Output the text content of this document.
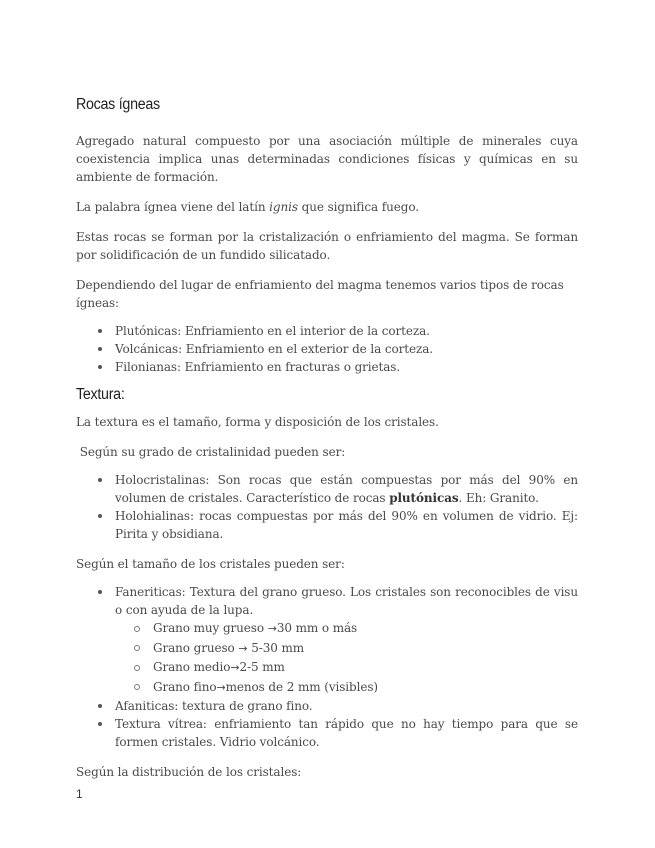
Rocas ígneas

Agregado natural compuesto por una asociación múltiple de minerales cuya coexistencia implica unas determinadas condiciones físicas y químicas en su ambiente de formación.

La palabra ígnea viene del latín ignis que significa fuego.

Estas rocas se forman por la cristalización o enfriamiento del magma. Se forman por solidificación de un fundido silicatado.

Dependiendo del lugar de enfriamiento del magma tenemos varios tipos de rocas ígneas:

Plutónicas: Enfriamiento en el interior de la corteza.
Volcánicas: Enfriamiento en el exterior de la corteza.
Filonianas: Enfriamiento en fracturas o grietas.
Textura:

La textura es el tamaño, forma y disposición de los cristales.

Según su grado de cristalinidad pueden ser:

Holocristalinas: Son rocas que están compuestas por más del 90% en volumen de cristales. Característico de rocas plutónicas. Eh: Granito.
Holohialinas: rocas compuestas por más del 90% en volumen de vidrio. Ej: Pirita y obsidiana.

Según el tamaño de los cristales pueden ser:

Faneriticas: Textura del grano grueso. Los cristales son reconocibles de visu o con ayuda de la lupa.
Grano muy grueso →30 mm o más
Grano grueso → 5-30 mm
Grano medio→2-5 mm
Grano fino→menos de 2 mm (visibles)
Afaniticas: textura de grano fino.
Textura vítrea: enfriamiento tan rápido que no hay tiempo para que se formen cristales. Vidrio volcánico.

Según la distribución de los cristales:

1
